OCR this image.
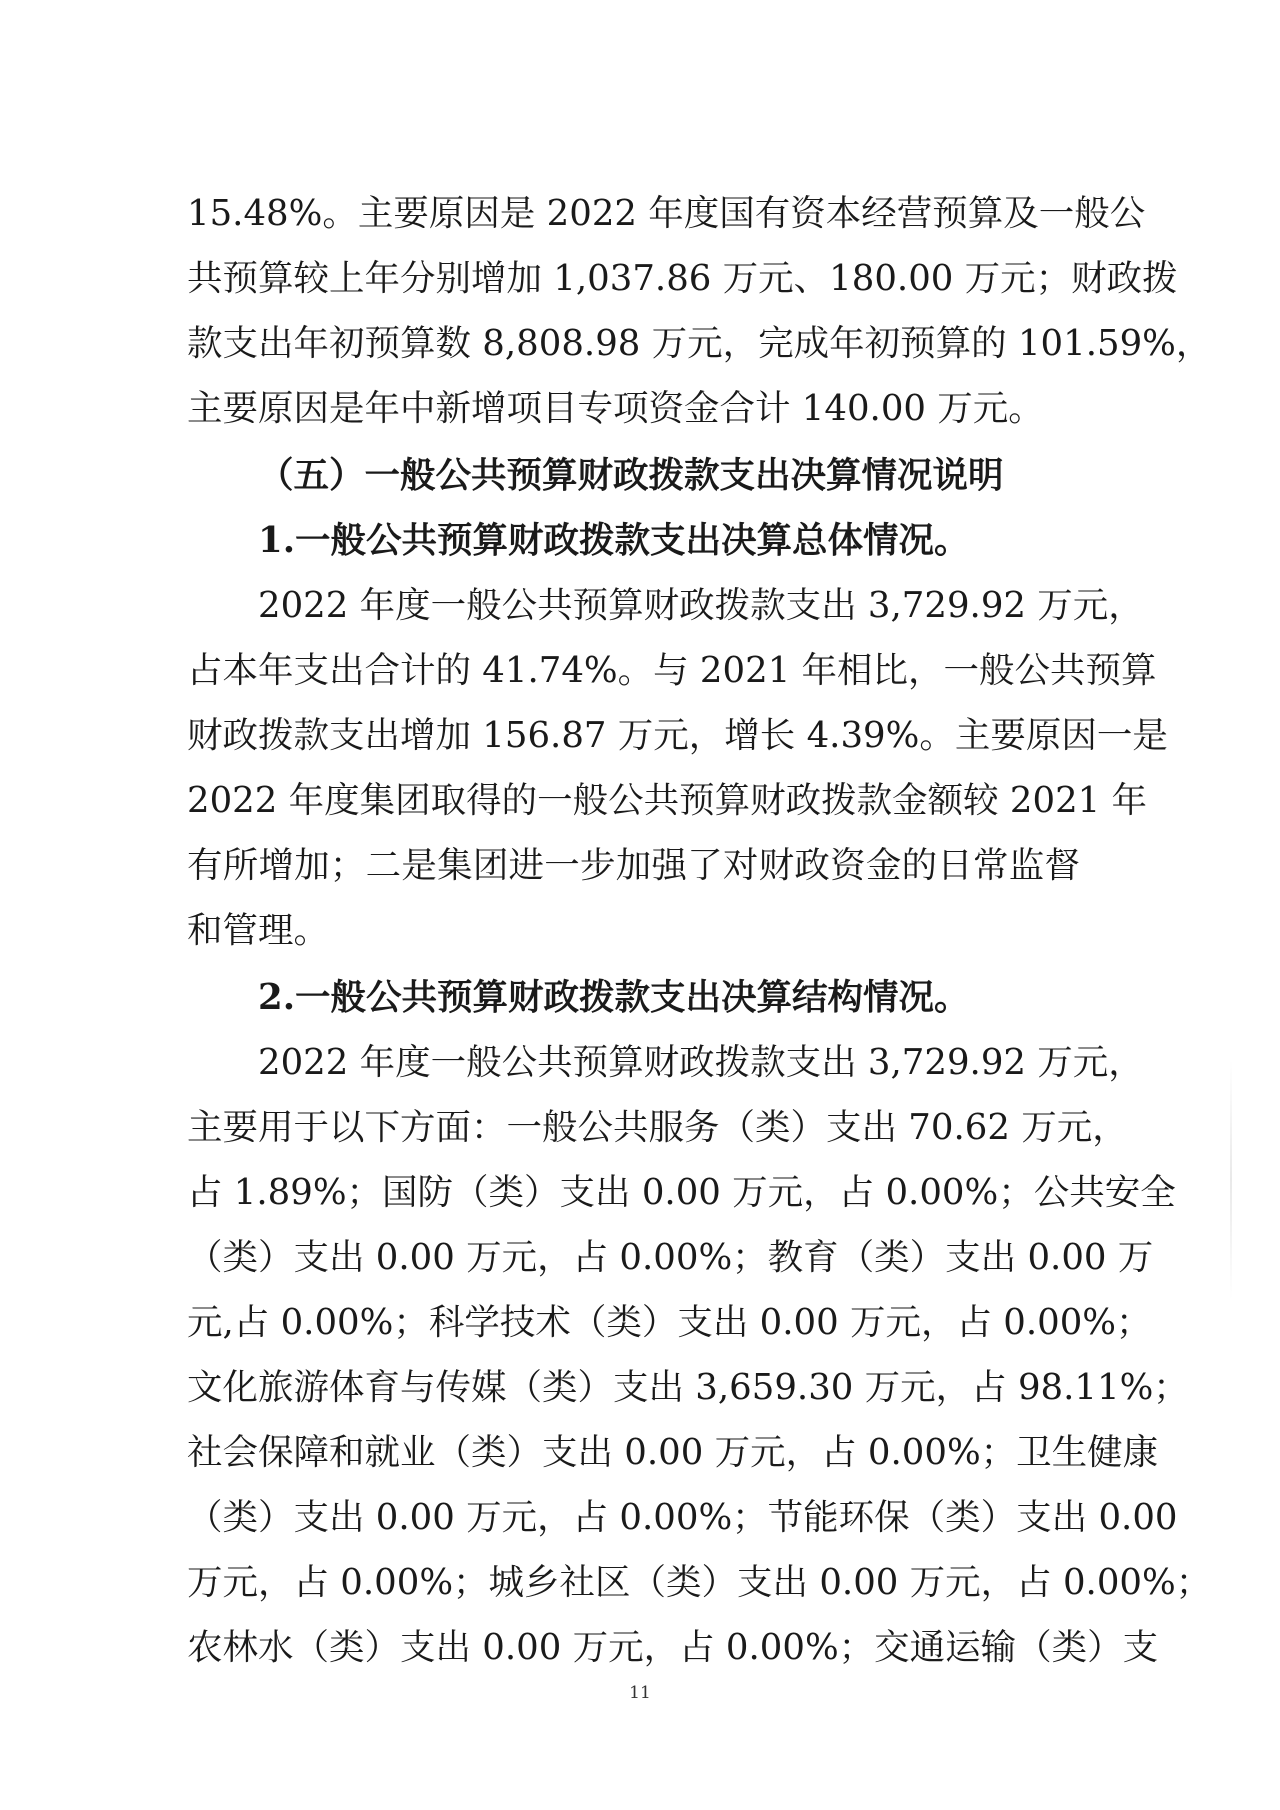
15.48%。主要原因是 2022 年度国有资本经营预算及一般公
共预算较上年分别增加 1,037.86 万元、180.00 万元；财政拨
款支出年初预算数 8,808.98 万元，完成年初预算的 101.59%，
主要原因是年中新增项目专项资金合计 140.00 万元。
（五）一般公共预算财政拨款支出决算情况说明
1.一般公共预算财政拨款支出决算总体情况。
2022 年度一般公共预算财政拨款支出 3,729.92 万元，
占本年支出合计的 41.74%。与 2021 年相比，一般公共预算
财政拨款支出增加 156.87 万元，增长 4.39%。主要原因一是
2022 年度集团取得的一般公共预算财政拨款金额较 2021 年
有所增加；二是集团进一步加强了对财政资金的日常监督
和管理。
2.一般公共预算财政拨款支出决算结构情况。
2022 年度一般公共预算财政拨款支出 3,729.92 万元，
主要用于以下方面：一般公共服务（类）支出 70.62 万元，
占 1.89%；国防（类）支出 0.00 万元，占 0.00%；公共安全
（类）支出 0.00 万元，占 0.00%；教育（类）支出 0.00 万
元,占 0.00%；科学技术（类）支出 0.00 万元，占 0.00%；
文化旅游体育与传媒（类）支出 3,659.30 万元，占 98.11%；
社会保障和就业（类）支出 0.00 万元，占 0.00%；卫生健康
（类）支出 0.00 万元，占 0.00%；节能环保（类）支出 0.00
万元，占 0.00%；城乡社区（类）支出 0.00 万元，占 0.00%；
农林水（类）支出 0.00 万元，占 0.00%；交通运输（类）支
11
